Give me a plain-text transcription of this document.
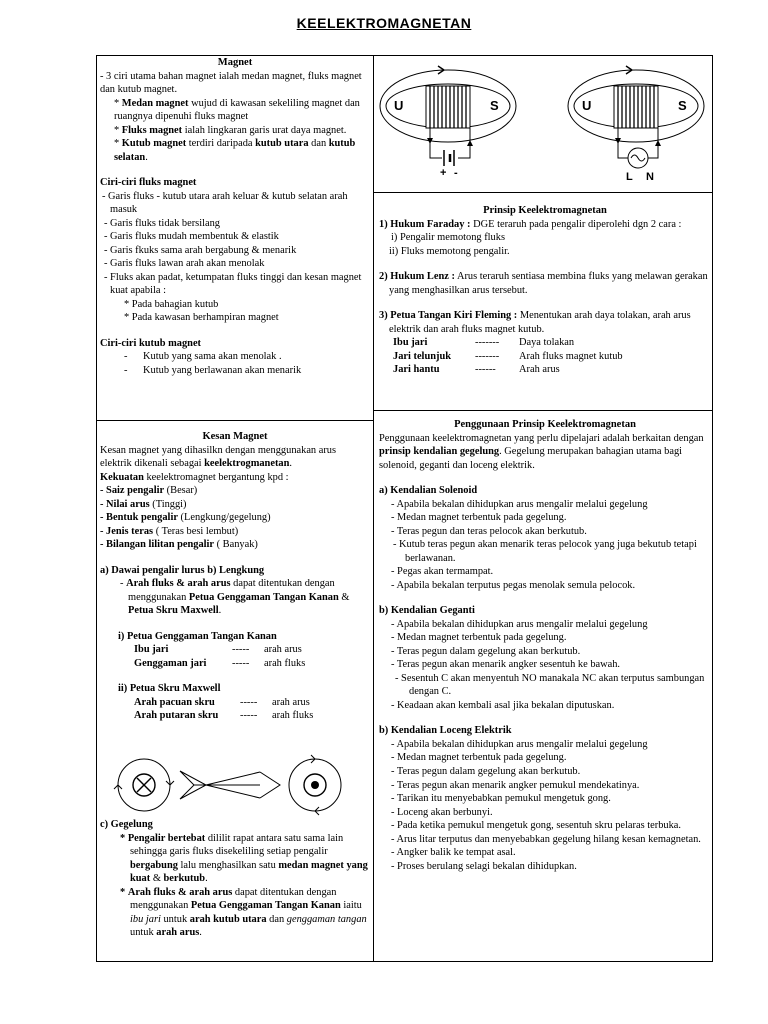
KEELEKTROMAGNETAN

Magnet

- 3 ciri utama bahan magnet ialah medan magnet, fluks magnet dan kutub magnet.

* Medan magnet wujud di kawasan sekeliling magnet dan ruangnya dipenuhi fluks magnet

* Fluks magnet ialah lingkaran garis urat daya magnet.

* Kutub magnet terdiri daripada kutub utara dan kutub selatan.

Ciri-ciri fluks magnet

- Garis fluks - kutub utara arah keluar & kutub selatan arah masuk

- Garis fluks tidak bersilang

- Garis fluks mudah membentuk & elastik

- Garis fkuks sama arah bergabung & menarik

- Garis fluks lawan arah akan menolak

- Fluks akan padat, ketumpatan fluks tinggi dan kesan magnet kuat apabila :

* Pada bahagian kutub

* Pada kawasan berhampiran magnet

Ciri-ciri kutub magnet

-      Kutub yang sama akan menolak .

-      Kutub yang berlawanan akan menarik

Kesan Magnet

Kesan magnet yang dihasilkn dengan menggunakan arus elektrik dikenali sebagai keelektrogmanetan.

Kekuatan keelektromagnet bergantung kpd :

- Saiz pengalir (Besar)

- Nilai arus (Tinggi)

- Bentuk pengalir (Lengkung/gegelung)

- Jenis teras ( Teras besi lembut)

- Bilangan lilitan pengalir ( Banyak)

a) Dawai pengalir lurus b) Lengkung

- Arah fluks & arah arus dapat ditentukan dengan menggunakan Petua Genggaman Tangan Kanan & Petua Skru Maxwell.

i) Petua Genggaman Tangan Kanan

Ibu jari	-----	arah arus
Genggaman jari	-----	arah fluks

ii) Petua Skru Maxwell

Arah pacuan skru	-----	arah arus
Arah putaran skru	-----	arah fluks

c) Gegelung

* Pengalir bertebat dililit rapat antara satu sama lain sehingga garis fluks disekeliling setiap pengalir bergabung lalu menghasilkan satu medan magnet yang kuat & berkutub.

* Arah fluks & arah arus dapat ditentukan dengan menggunakan Petua Genggaman Tangan Kanan iaitu ibu jari untuk arah kutub utara dan genggaman tangan untuk arah arus.

U	S
+ -
U	S
L N

Prinsip Keelektromagnetan

1) Hukum Faraday : DGE teraruh pada pengalir diperolehi dgn 2 cara :

i) Pengalir memotong fluks

ii) Fluks memotong pengalir.

2) Hukum Lenz : Arus teraruh sentiasa membina fluks yang melawan gerakan yang menghasilkan arus tersebut.

3) Petua Tangan Kiri Fleming : Menentukan arah daya tolakan, arah arus elektrik dan arah fluks magnet kutub.

Ibu jari	-------	Daya tolakan
Jari telunjuk	-------	Arah fluks magnet kutub
Jari hantu	------	Arah arus

Penggunaan Prinsip Keelektromagnetan

Penggunaan keelektromagnetan yang perlu dipelajari adalah berkaitan dengan prinsip kendalian gegelung. Gegelung merupakan bahagian utama bagi solenoid, geganti dan loceng elektrik.

a) Kendalian Solenoid

- Apabila bekalan dihidupkan arus mengalir melalui gegelung

- Medan magnet terbentuk pada gegelung.

- Teras pegun dan teras pelocok akan berkutub.

- Kutub teras pegun akan menarik teras pelocok yang juga bekutub tetapi berlawanan.

- Pegas akan termampat.

- Apabila bekalan terputus pegas menolak semula pelocok.

b) Kendalian Geganti

- Apabila bekalan dihidupkan arus mengalir melalui gegelung

- Medan magnet terbentuk pada gegelung.

- Teras pegun dalam gegelung akan berkutub.

- Teras pegun akan menarik angker sesentuh ke bawah.

- Sesentuh C akan menyentuh NO manakala NC akan terputus sambungan dengan C.

- Keadaan akan kembali asal jika bekalan diputuskan.

b) Kendalian Loceng Elektrik

- Apabila bekalan dihidupkan arus mengalir melalui gegelung

- Medan magnet terbentuk pada gegelung.

- Teras pegun dalam gegelung akan berkutub.

- Teras pegun akan menarik angker pemukul mendekatinya.

- Tarikan itu menyebabkan pemukul mengetuk gong.

- Loceng akan berbunyi.

- Pada ketika pemukul mengetuk gong, sesentuh skru pelaras terbuka.

- Arus litar terputus dan menyebabkan gegelung hilang kesan kemagnetan.

- Angker balik ke tempat asal.

- Proses berulang selagi bekalan dihidupkan.
